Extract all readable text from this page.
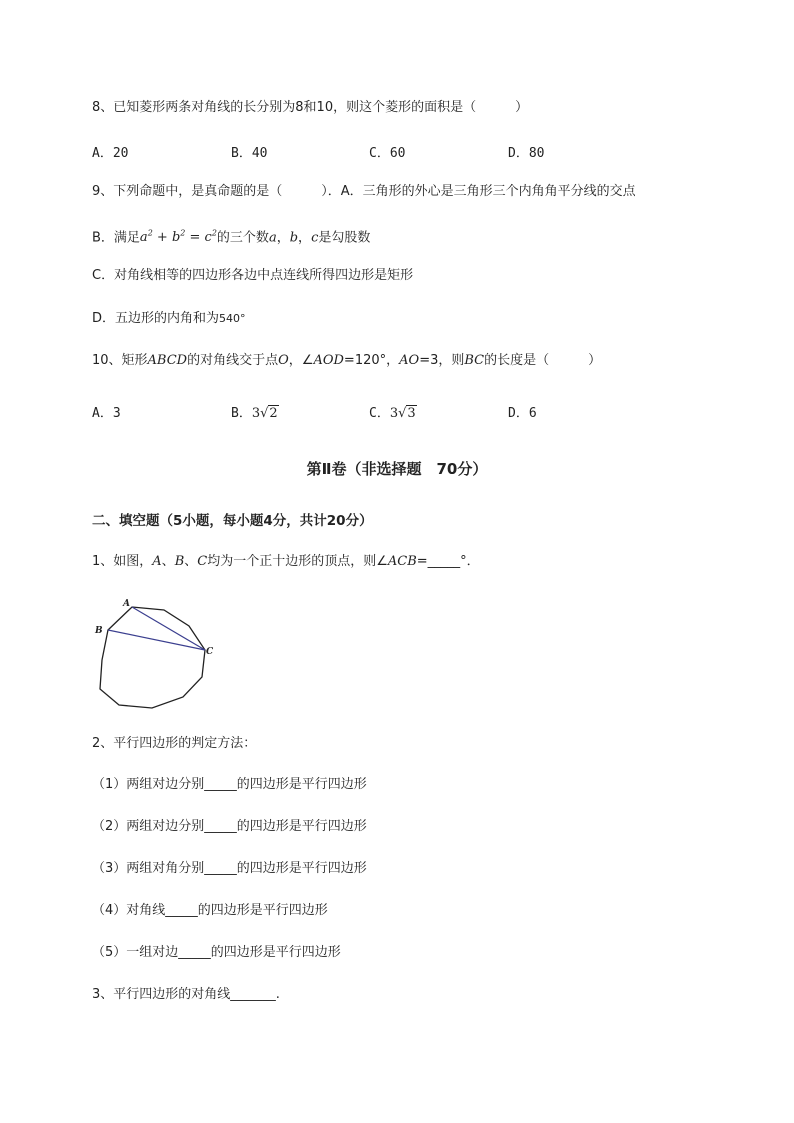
8、已知菱形两条对角线的长分别为8和10，则这个菱形的面积是（　　　）
A．20	B．40	C．60	D．80
9、下列命题中，是真命题的是（　　　）．A．三角形的外心是三角形三个内角角平分线的交点
B．满足$a^2 + b^2 = c^2$的三个数a，b，c是勾股数
C．对角线相等的四边形各边中点连线所得四边形是矩形
D．五边形的内角和为540°
10、矩形ABCD的对角线交于点O，∠AOD=120°，AO=3，则BC的长度是（　　　）
A．3	B．3√2	C．3√3	D．6
第Ⅱ卷（非选择题　70分）
二、填空题（5小题，每小题4分，共计20分）
1、如图，A、B、C均为一个正十边形的顶点，则∠ACB=_____°．
A
B
C
2、平行四边形的判定方法：
（1）两组对边分别_____的四边形是平行四边形
（2）两组对边分别_____的四边形是平行四边形
（3）两组对角分别_____的四边形是平行四边形
（4）对角线_____的四边形是平行四边形
（5）一组对边_____的四边形是平行四边形
3、平行四边形的对角线_______.
